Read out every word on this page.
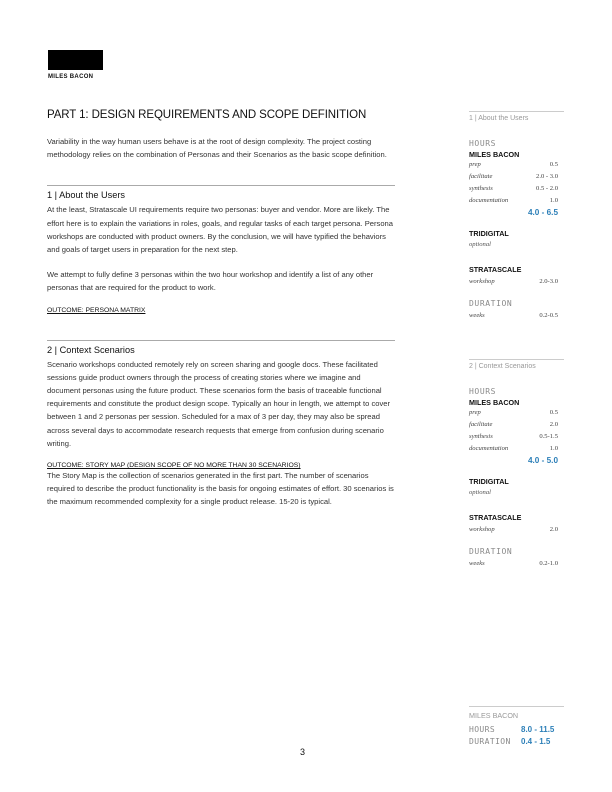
MILES BACON
PART 1: DESIGN REQUIREMENTS AND SCOPE DEFINITION

Variability in the way human users behave is at the root of design complexity. The project costing methodology relies on the combination of Personas and their Scenarios as the basic scope definition.

1 | About the Users

At the least, Stratascale UI requirements require two personas: buyer and vendor. More are likely. The effort here is to explain the variations in roles, goals, and regular tasks of each target persona. Persona workshops are conducted with product owners. By the conclusion, we will have typified the behaviors and goals of target users in preparation for the next step.

We attempt to fully define 3 personas within the two hour workshop and identify a list of any other personas that are required for the product to work.

OUTCOME: PERSONA MATRIX
2 | Context Scenarios

Scenario workshops conducted remotely rely on screen sharing and google docs. These facilitated sessions guide product owners through the process of creating stories where we imagine and document personas using the future product. These scenarios form the basis of traceable functional requirements and constitute the product design scope. Typically an hour in length, we attempt to cover between 1 and 2 personas per session. Scheduled for a max of 3 per day, they may also be spread across several days to accommodate research requests that emerge from confusion during scenario writing.

OUTCOME: STORY MAP (DESIGN SCOPE OF NO MORE THAN 30 SCENARIOS)

The Story Map is the collection of scenarios generated in the first part. The number of scenarios required to describe the product functionality is the basis for ongoing estimates of effort. 30 scenarios is the maximum recommended complexity for a single product release. 15-20 is typical.

1 | About the Users
HOURS
MILES BACON
prep	0.5
facilitate	2.0 - 3.0
synthesis	0.5 - 2.0
documentation	1.0
4.0 - 6.5
TRIDIGITAL
optional
STRATASCALE
workshop	2.0-3.0
DURATION
weeks	0.2-0.5
2 | Context Scenarios
HOURS
MILES BACON
prep	0.5
facilitate	2.0
synthesis	0.5-1.5
documentation	1.0
4.0 - 5.0
TRIDIGITAL
optional
STRATASCALE
workshop	2.0
DURATION
weeks	0.2-1.0
MILES BACON
HOURS	8.0 - 11.5
DURATION	0.4 - 1.5
3
